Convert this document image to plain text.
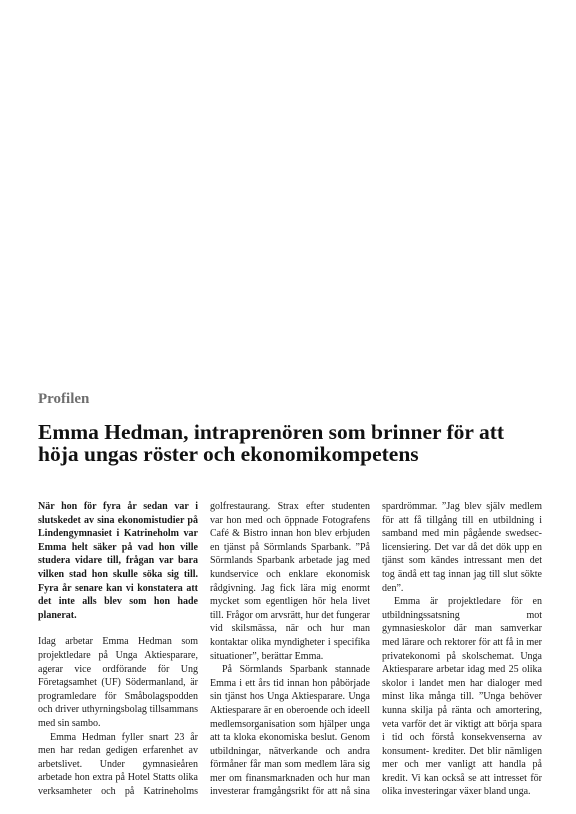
Profilen
Emma Hedman, intraprenören som brinner för att höja ungas röster och ekonomikompetens

När hon för fyra år sedan var i slutskedet av sina ekonomistudier på Lindengymnasiet i Katrineholm var Emma helt säker på vad hon ville studera vidare till, frågan var bara vilken stad hon skulle söka sig till. Fyra år senare kan vi konstatera att det inte alls blev som hon hade planerat.

Idag arbetar Emma Hedman som projektledare på Unga Aktiesparare, agerar vice ordförande för Ung Företagsamhet (UF) Södermanland, är programledare för Småbolagspodden och driver uthyrningsbolag tillsammans med sin sambo.

Emma Hedman fyller snart 23 år men har redan gedigen erfarenhet av arbetslivet. Under gymnasieåren arbetade hon extra på Hotel Statts olika verksamheter och på Katrineholms golfrestaurang. Strax efter studenten var hon med och öppnade Fotografens Café & Bistro innan hon blev erbjuden en tjänst på Sörmlands Sparbank. ”På Sörmlands Sparbank arbetade jag med kundservice och enklare ekonomisk rådgivning. Jag fick lära mig enormt mycket som egentligen hör hela livet till. Frågor om arvsrätt, hur det fungerar vid skilsmässa, när och hur man kontaktar olika myndigheter i specifika situationer”, berättar Emma.

På Sörmlands Sparbank stannade Emma i ett års tid innan hon påbörjade sin tjänst hos Unga Aktiesparare. Unga Aktiesparare är en oberoende och ideell medlemsorganisation som hjälper unga att ta kloka ekonomiska beslut. Genom utbildningar, nätverkande och andra förmåner får man som medlem lära sig mer om finansmarknaden och hur man investerar framgångsrikt för att nå sina spardrömmar. ”Jag blev själv medlem för att få tillgång till en utbildning i samband med min pågående swedsec-licensiering. Det var då det dök upp en tjänst som kändes intressant men det tog ändå ett tag innan jag till slut sökte den”.

Emma är projektledare för en utbildningssatsning mot gymnasieskolor där man samverkar med lärare och rektorer för att få in mer privatekonomi på skolschemat. Unga Aktiesparare arbetar idag med 25 olika skolor i landet men har dialoger med minst lika många till. ”Unga behöver kunna skilja på ränta och amortering, veta varför det är viktigt att börja spara i tid och förstå konsekvenserna av konsument- krediter. Det blir nämligen mer och mer vanligt att handla på kredit. Vi kan också se att intresset för olika investeringar växer bland unga.
